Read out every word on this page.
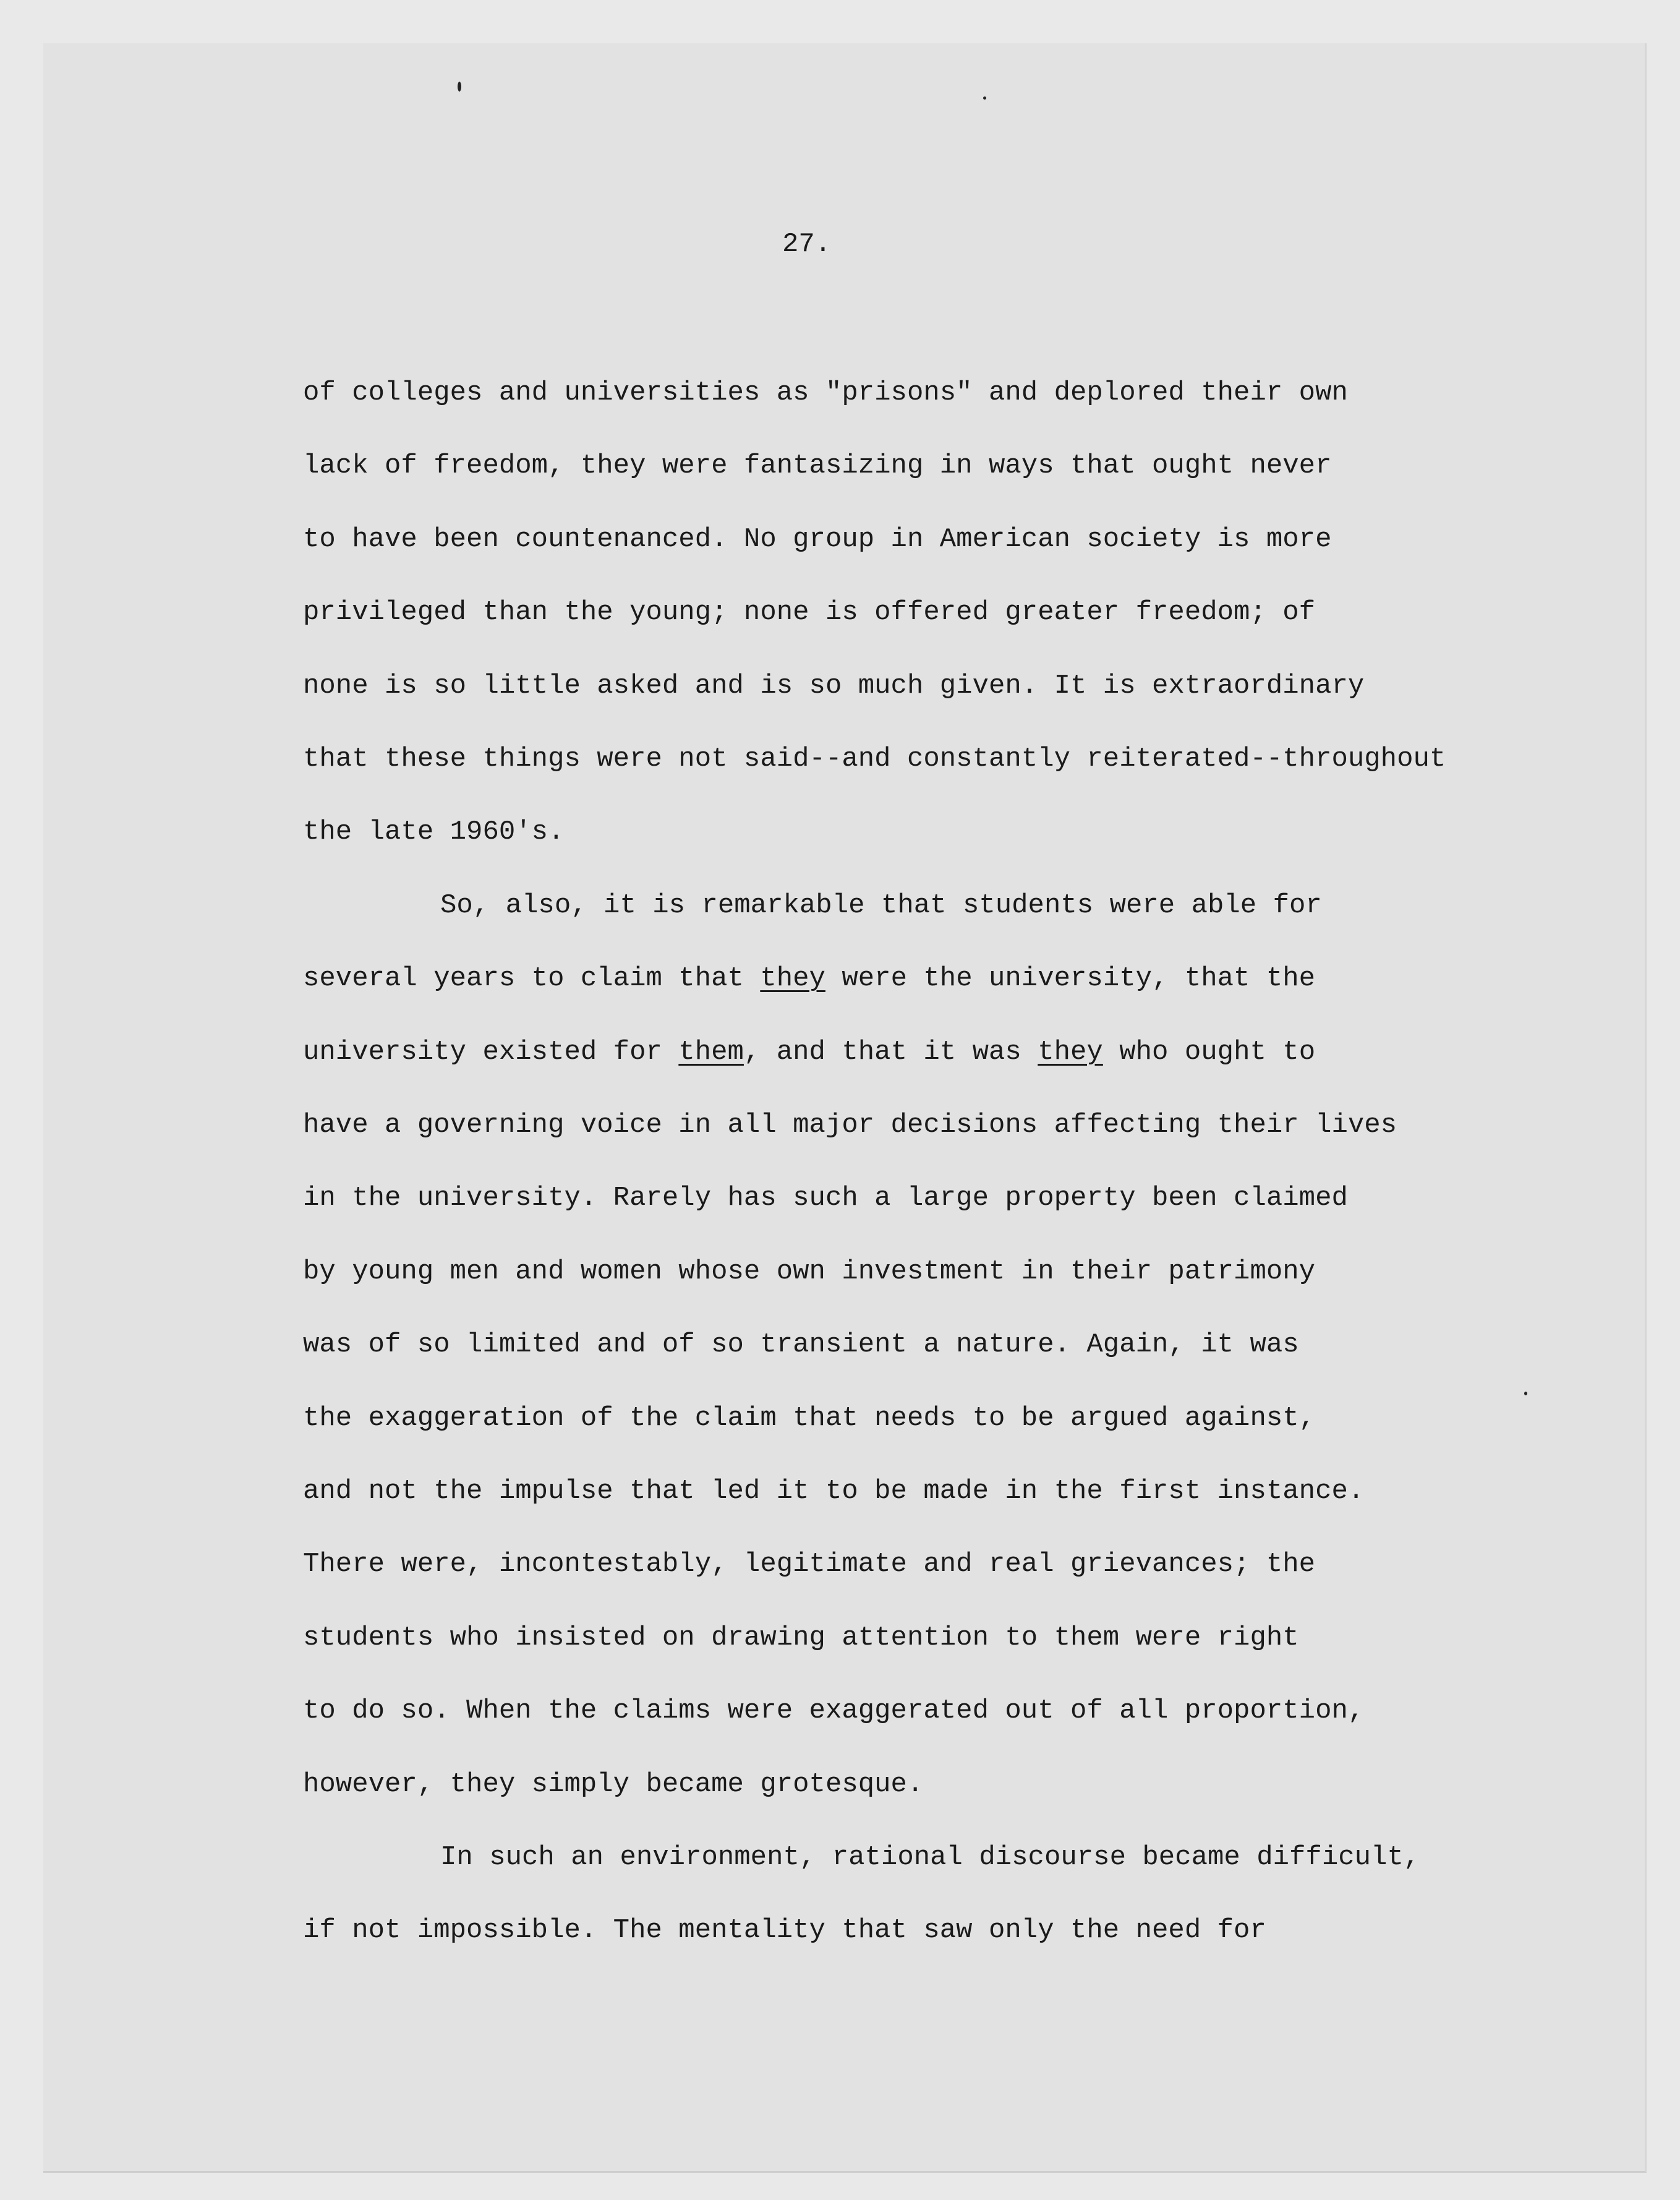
27.
of colleges and universities as "prisons" and deplored their own
lack of freedom, they were fantasizing in ways that ought never
to have been countenanced. No group in American society is more
privileged than the young; none is offered greater freedom; of
none is so little asked and is so much given. It is extraordinary
that these things were not said--and constantly reiterated--throughout
the late 1960's.
So, also, it is remarkable that students were able for
several years to claim that they were the university, that the
university existed for them, and that it was they who ought to
have a governing voice in all major decisions affecting their lives
in the university. Rarely has such a large property been claimed
by young men and women whose own investment in their patrimony
was of so limited and of so transient a nature. Again, it was
the exaggeration of the claim that needs to be argued against,
and not the impulse that led it to be made in the first instance.
There were, incontestably, legitimate and real grievances; the
students who insisted on drawing attention to them were right
to do so. When the claims were exaggerated out of all proportion,
however, they simply became grotesque.
In such an environment, rational discourse became difficult,
if not impossible. The mentality that saw only the need for
